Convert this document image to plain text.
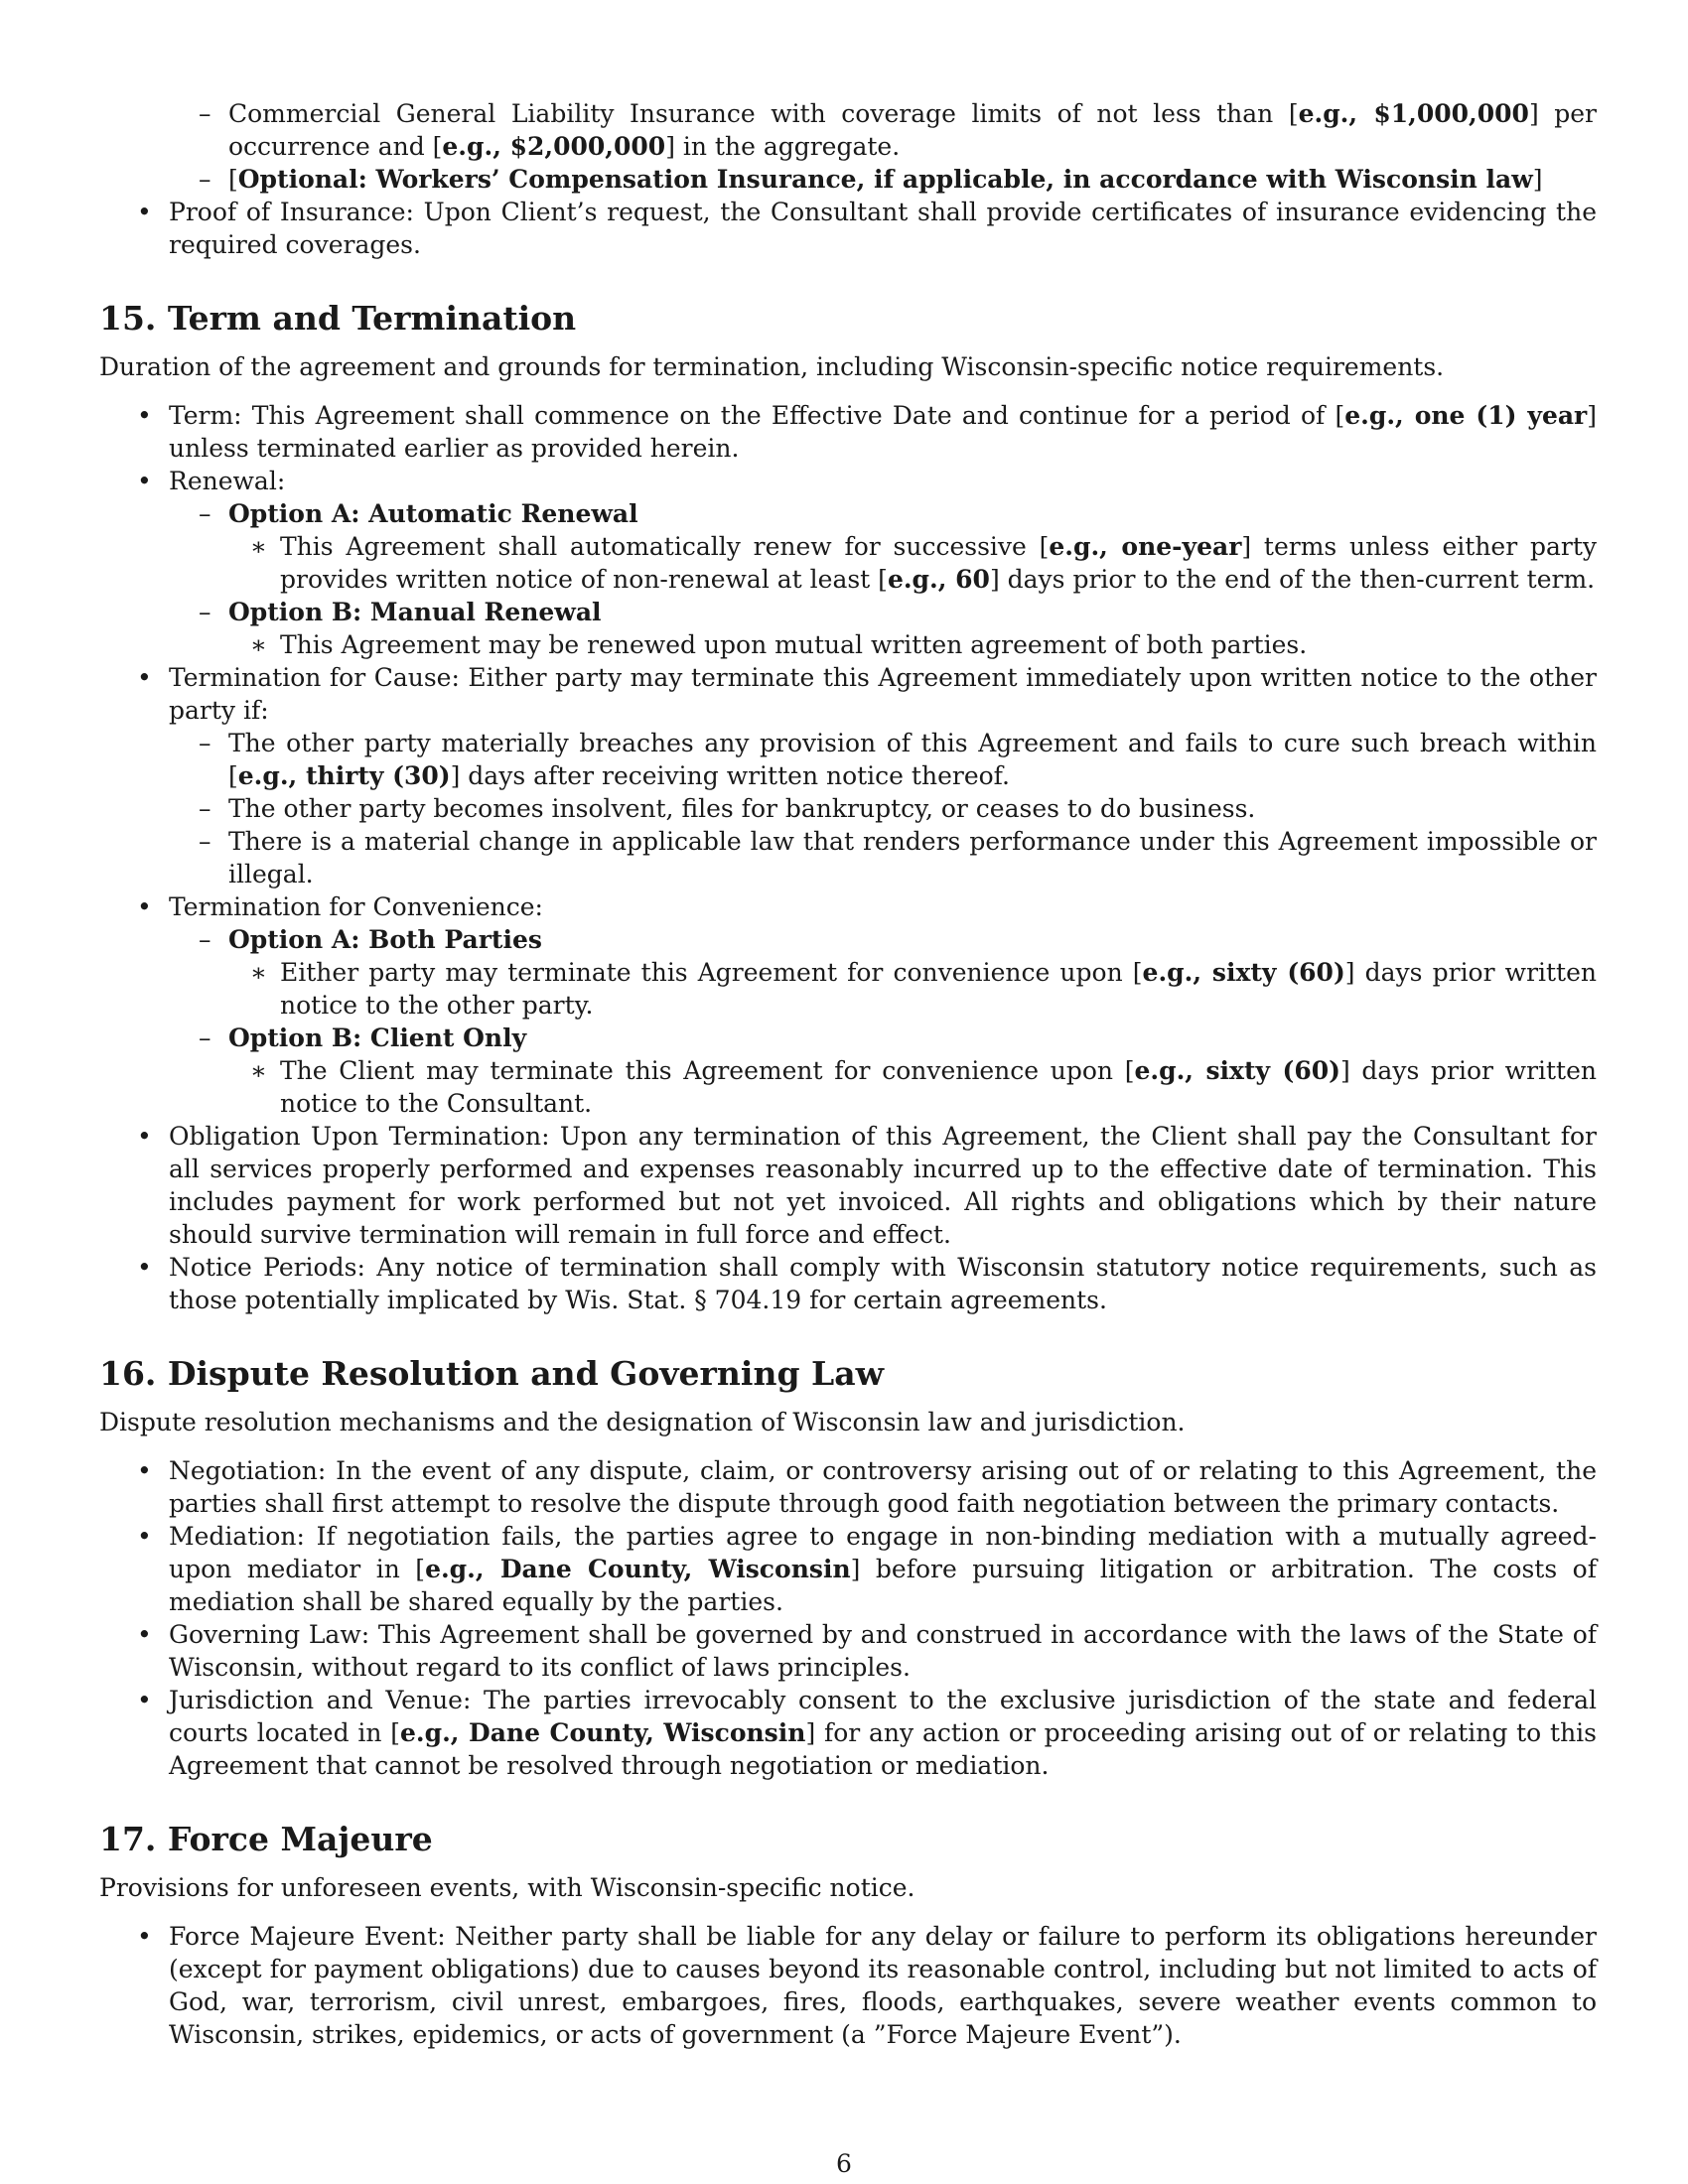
– Commercial General Liability Insurance with coverage limits of not less than [e.g., $1,000,000] per occurrence and [e.g., $2,000,000] in the aggregate.
– [Optional: Workers’ Compensation Insurance, if applicable, in accordance with Wisconsin law]
• Proof of Insurance: Upon Client’s request, the Consultant shall provide certificates of insurance evidencing the required coverages.
15. Term and Termination
Duration of the agreement and grounds for termination, including Wisconsin-specific notice requirements.
• Term: This Agreement shall commence on the Effective Date and continue for a period of [e.g., one (1) year] unless terminated earlier as provided herein.
• Renewal:
– Option A: Automatic Renewal
∗ This Agreement shall automatically renew for successive [e.g., one-year] terms unless either party provides written notice of non-renewal at least [e.g., 60] days prior to the end of the then-current term.
– Option B: Manual Renewal
∗ This Agreement may be renewed upon mutual written agreement of both parties.
• Termination for Cause: Either party may terminate this Agreement immediately upon written notice to the other party if:
– The other party materially breaches any provision of this Agreement and fails to cure such breach within [e.g., thirty (30)] days after receiving written notice thereof.
– The other party becomes insolvent, files for bankruptcy, or ceases to do business.
– There is a material change in applicable law that renders performance under this Agreement impossible or illegal.
• Termination for Convenience:
– Option A: Both Parties
∗ Either party may terminate this Agreement for convenience upon [e.g., sixty (60)] days prior written notice to the other party.
– Option B: Client Only
∗ The Client may terminate this Agreement for convenience upon [e.g., sixty (60)] days prior written notice to the Consultant.
• Obligation Upon Termination: Upon any termination of this Agreement, the Client shall pay the Consultant for all services properly performed and expenses reasonably incurred up to the effective date of termination. This includes payment for work performed but not yet invoiced. All rights and obligations which by their nature should survive termination will remain in full force and effect.
• Notice Periods: Any notice of termination shall comply with Wisconsin statutory notice requirements, such as those potentially implicated by Wis. Stat. § 704.19 for certain agreements.
16. Dispute Resolution and Governing Law
Dispute resolution mechanisms and the designation of Wisconsin law and jurisdiction.
• Negotiation: In the event of any dispute, claim, or controversy arising out of or relating to this Agreement, the parties shall first attempt to resolve the dispute through good faith negotiation between the primary contacts.
• Mediation: If negotiation fails, the parties agree to engage in non-binding mediation with a mutually agreed-upon mediator in [e.g., Dane County, Wisconsin] before pursuing litigation or arbitration. The costs of mediation shall be shared equally by the parties.
• Governing Law: This Agreement shall be governed by and construed in accordance with the laws of the State of Wisconsin, without regard to its conflict of laws principles.
• Jurisdiction and Venue: The parties irrevocably consent to the exclusive jurisdiction of the state and federal courts located in [e.g., Dane County, Wisconsin] for any action or proceeding arising out of or relating to this Agreement that cannot be resolved through negotiation or mediation.
17. Force Majeure
Provisions for unforeseen events, with Wisconsin-specific notice.
• Force Majeure Event: Neither party shall be liable for any delay or failure to perform its obligations hereunder (except for payment obligations) due to causes beyond its reasonable control, including but not limited to acts of God, war, terrorism, civil unrest, embargoes, fires, floods, earthquakes, severe weather events common to Wisconsin, strikes, epidemics, or acts of government (a ”Force Majeure Event”).
6
